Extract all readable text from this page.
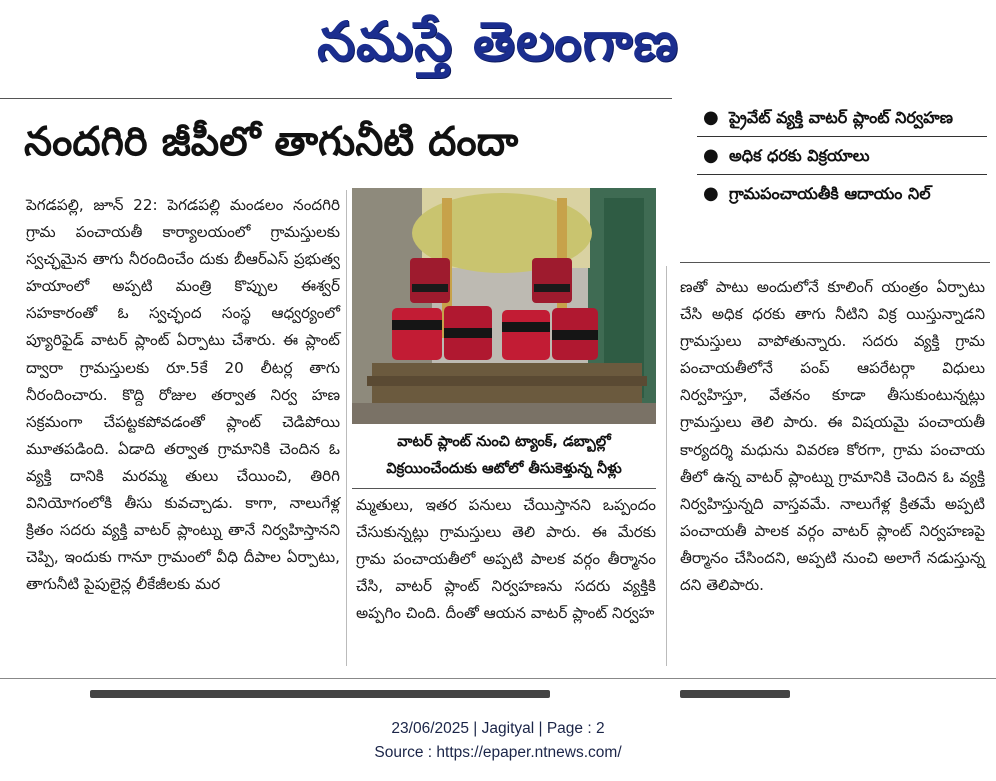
నమస్తే తెలంగాణ
నందగిరి జీపీలో తాగునీటి దందా
● ప్రైవేట్ వ్యక్తి వాటర్ ప్లాంట్ నిర్వహణ
● అధిక ధరకు విక్రయాలు
● గ్రామపంచాయతీకి ఆదాయం నిల్

పెగడపల్లి, జూన్ 22: పెగడపల్లి మండలం నందగిరి గ్రామ పంచాయతీ కార్యాలయంలో గ్రామస్తులకు స్వచ్ఛమైన తాగు నీరందించేం దుకు బీఆర్ఎస్ ప్రభుత్వ హయాంలో అప్పటి మంత్రి కొప్పుల ఈశ్వర్ సహకారంతో ఓ స్వచ్ఛంద సంస్థ ఆధ్వర్యంలో ప్యూరిఫైడ్ వాటర్ ప్లాంట్ ఏర్పాటు చేశారు. ఈ ప్లాంట్ ద్వారా గ్రామస్తులకు రూ.5కే 20 లీటర్ల తాగు నీరందించారు. కొద్ది రోజుల తర్వాత నిర్వ హణ సక్రమంగా చేపట్టకపోవడంతో ప్లాంట్ చెడిపోయి మూతపడింది. ఏడాది తర్వాత గ్రామానికి చెందిన ఓ వ్యక్తి దానికి మరమ్మ తులు చేయించి, తిరిగి వినియోగంలోకి తీసు కువచ్చాడు. కాగా, నాలుగేళ్ల క్రితం సదరు వ్యక్తి వాటర్ ప్లాంట్ను తానే నిర్వహిస్తానని చెప్పి, ఇందుకు గానూ గ్రామంలో వీధి దీపాల ఏర్పాటు, తాగునీటి పైపులైన్ల లీకేజీలకు మర

వాటర్ ప్లాంట్ నుంచి ట్యాంక్, డబ్బాల్లో విక్రయించేందుకు ఆటోలో తీసుకెళ్తున్న నీళ్లు

మ్మతులు, ఇతర పనులు చేయిస్తానని ఒప్పందం చేసుకున్నట్లు గ్రామస్తులు తెలి పారు. ఈ మేరకు గ్రామ పంచాయతీలో అప్పటి పాలక వర్గం తీర్మానం చేసి, వాటర్ ప్లాంట్ నిర్వహణను సదరు వ్యక్తికి అప్పగిం చింది. దీంతో ఆయన వాటర్ ప్లాంట్ నిర్వహ

ణతో పాటు అందులోనే కూలింగ్ యంత్రం ఏర్పాటు చేసి అధిక ధరకు తాగు నీటిని విక్ర యిస్తున్నాడని గ్రామస్తులు వాపోతున్నారు. సదరు వ్యక్తి గ్రామ పంచాయతీలోనే పంప్ ఆపరేటర్గా విధులు నిర్వహిస్తూ, వేతనం కూడా తీసుకుంటున్నట్లు గ్రామస్తులు తెలి పారు. ఈ విషయమై పంచాయతీ కార్యదర్శి మధును వివరణ కోరగా, గ్రామ పంచాయ తీలో ఉన్న వాటర్ ప్లాంట్ను గ్రామానికి చెందిన ఓ వ్యక్తి నిర్వహిస్తున్నది వాస్తవమే. నాలుగేళ్ల క్రితమే అప్పటి పంచాయతీ పాలక వర్గం వాటర్ ప్లాంట్ నిర్వహణపై తీర్మానం చేసిందని, అప్పటి నుంచి అలాగే నడుస్తున్న దని తెలిపారు.

23/06/2025 | Jagityal | Page : 2
Source : https://epaper.ntnews.com/
